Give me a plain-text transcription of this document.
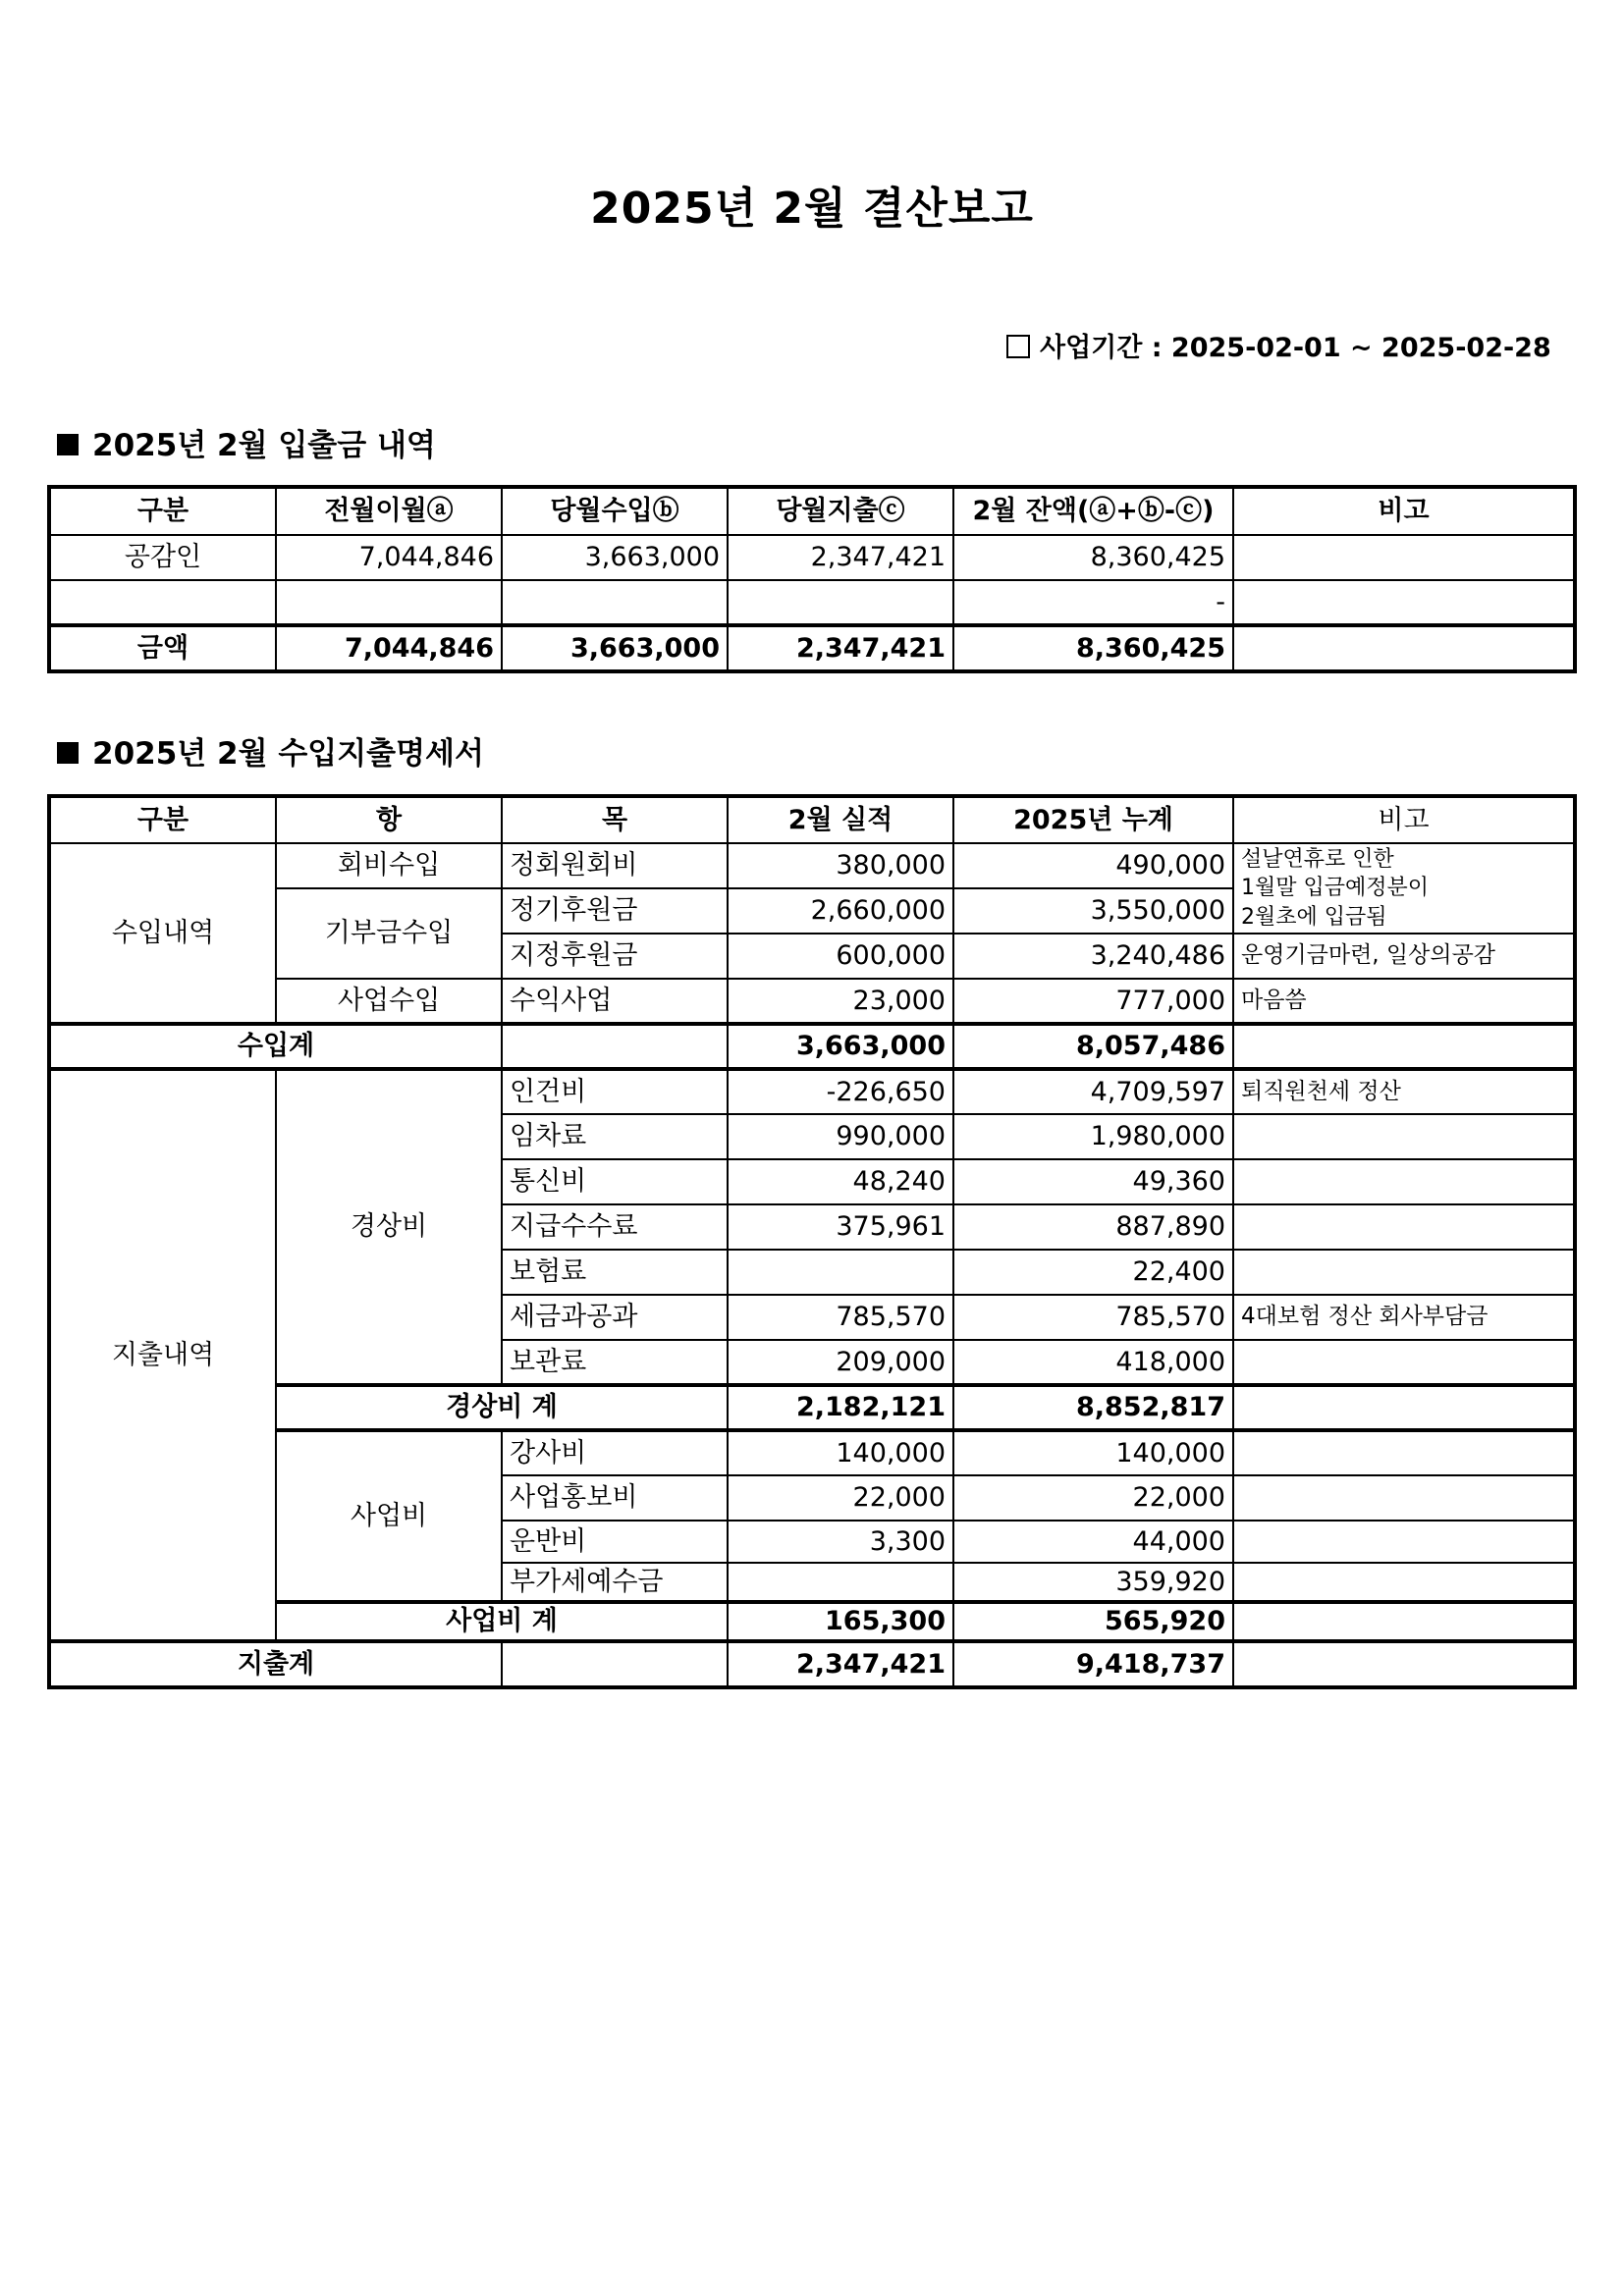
2025년 2월 결산보고
사업기간 : 2025-02-01 ~ 2025-02-28
2025년 2월 입출금 내역
구분	전월이월ⓐ	당월수입ⓑ	당월지출ⓒ	2월 잔액(ⓐ+ⓑ-ⓒ)	비고
공감인	7,044,846	3,663,000	2,347,421	8,360,425	
				-	
금액	7,044,846	3,663,000	2,347,421	8,360,425	
2025년 2월 수입지출명세서
구분	항	목	2월 실적	2025년 누계	비고
수입내역	회비수입	정회원회비	380,000	490,000	설날연휴로 인한
1월말 입금예정분이
2월초에 입금됨

	기부금수입	정기후원금	2,660,000	3,550,000	
		지정후원금	600,000	3,240,486	운영기금마련, 일상의공감
	사업수입	수익사업	23,000	777,000	마음씀
수입계			3,663,000	8,057,486	
지출내역	경상비	인건비	-226,650	4,709,597	퇴직원천세 정산
		임차료	990,000	1,980,000	
		통신비	48,240	49,360	
		지급수수료	375,961	887,890	
		보험료		22,400	
		세금과공과	785,570	785,570	4대보험 정산 회사부담금
		보관료	209,000	418,000	
	경상비 계		2,182,121	8,852,817	
	사업비	강사비	140,000	140,000	
		사업홍보비	22,000	22,000	
		운반비	3,300	44,000	
		부가세예수금		359,920	
	사업비 계		165,300	565,920	
지출계			2,347,421	9,418,737	
